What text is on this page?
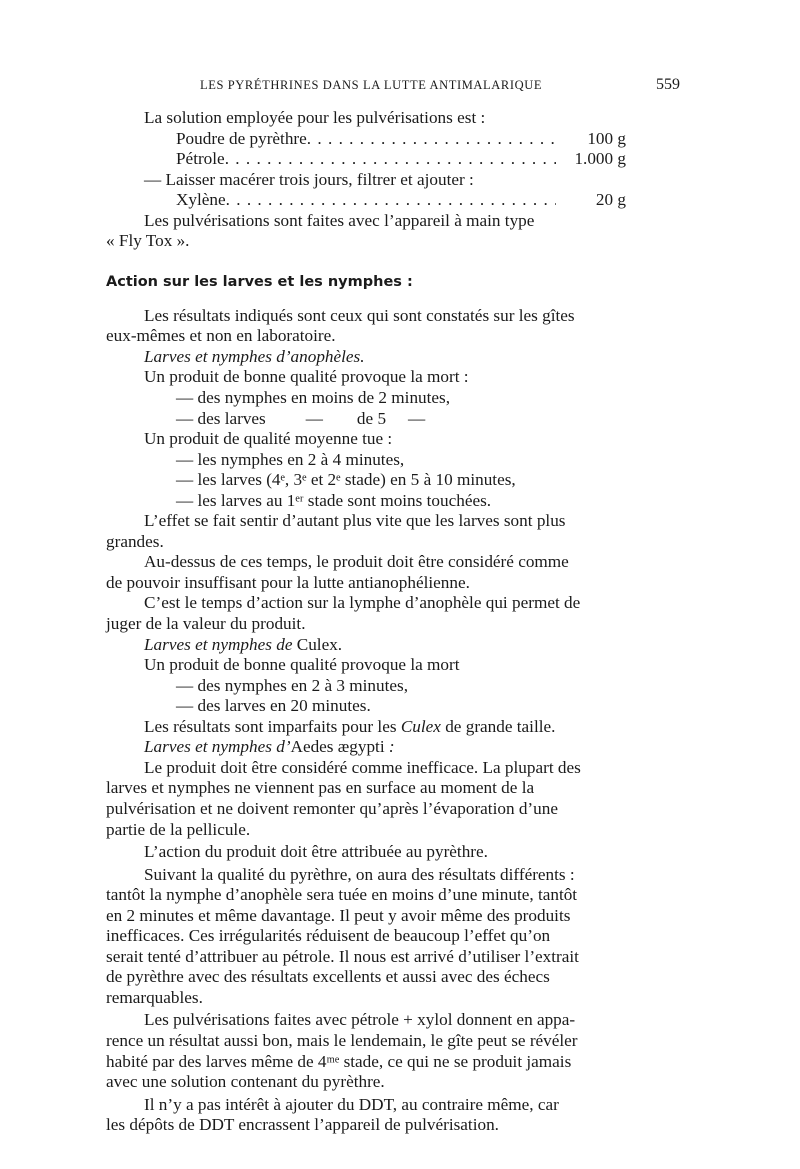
LES PYRÉTHRINES DANS LA LUTTE ANTIMALARIQUE	559
La solution employée pour les pulvérisations est :
Poudre de pyrèthre . . .	100 g
Pétrole . . .	1.000 g
— Laisser macérer trois jours, filtrer et ajouter :
Xylène . . .	20 g
Les pulvérisations sont faites avec l’appareil à main type
« Fly Tox ».
Action sur les larves et les nymphes :
Les résultats indiqués sont ceux qui sont constatés sur les gîtes
eux-mêmes et non en laboratoire.
Larves et nymphes d’anophèles.
Un produit de bonne qualité provoque la mort :
— des nymphes en moins de 2 minutes,
— des larves — de 5 —
Un produit de qualité moyenne tue :
— les nymphes en 2 à 4 minutes,
— les larves (4ᵉ, 3ᵉ et 2ᵉ stade) en 5 à 10 minutes,
— les larves au 1ᵉʳ stade sont moins touchées.
L’effet se fait sentir d’autant plus vite que les larves sont plus
grandes.
Au-dessus de ces temps, le produit doit être considéré comme
de pouvoir insuffisant pour la lutte antianophélienne.
C’est le temps d’action sur la lymphe d’anophèle qui permet de
juger de la valeur du produit.
Larves et nymphes de Culex.
Un produit de bonne qualité provoque la mort
— des nymphes en 2 à 3 minutes,
— des larves en 20 minutes.
Les résultats sont imparfaits pour les Culex de grande taille.
Larves et nymphes d’Aedes ægypti :
Le produit doit être considéré comme inefficace. La plupart des
larves et nymphes ne viennent pas en surface au moment de la
pulvérisation et ne doivent remonter qu’après l’évaporation d’une
partie de la pellicule.
L’action du produit doit être attribuée au pyrèthre.
Suivant la qualité du pyrèthre, on aura des résultats différents :
tantôt la nymphe d’anophèle sera tuée en moins d’une minute, tantôt
en 2 minutes et même davantage. Il peut y avoir même des produits
inefficaces. Ces irrégularités réduisent de beaucoup l’effet qu’on
serait tenté d’attribuer au pétrole. Il nous est arrivé d’utiliser l’extrait
de pyrèthre avec des résultats excellents et aussi avec des échecs
remarquables.
Les pulvérisations faites avec pétrole + xylol donnent en appa-
rence un résultat aussi bon, mais le lendemain, le gîte peut se révéler
habité par des larves même de 4ᵐᵉ stade, ce qui ne se produit jamais
avec une solution contenant du pyrèthre.
Il n’y a pas intérêt à ajouter du DDT, au contraire même, car
les dépôts de DDT encrassent l’appareil de pulvérisation.
